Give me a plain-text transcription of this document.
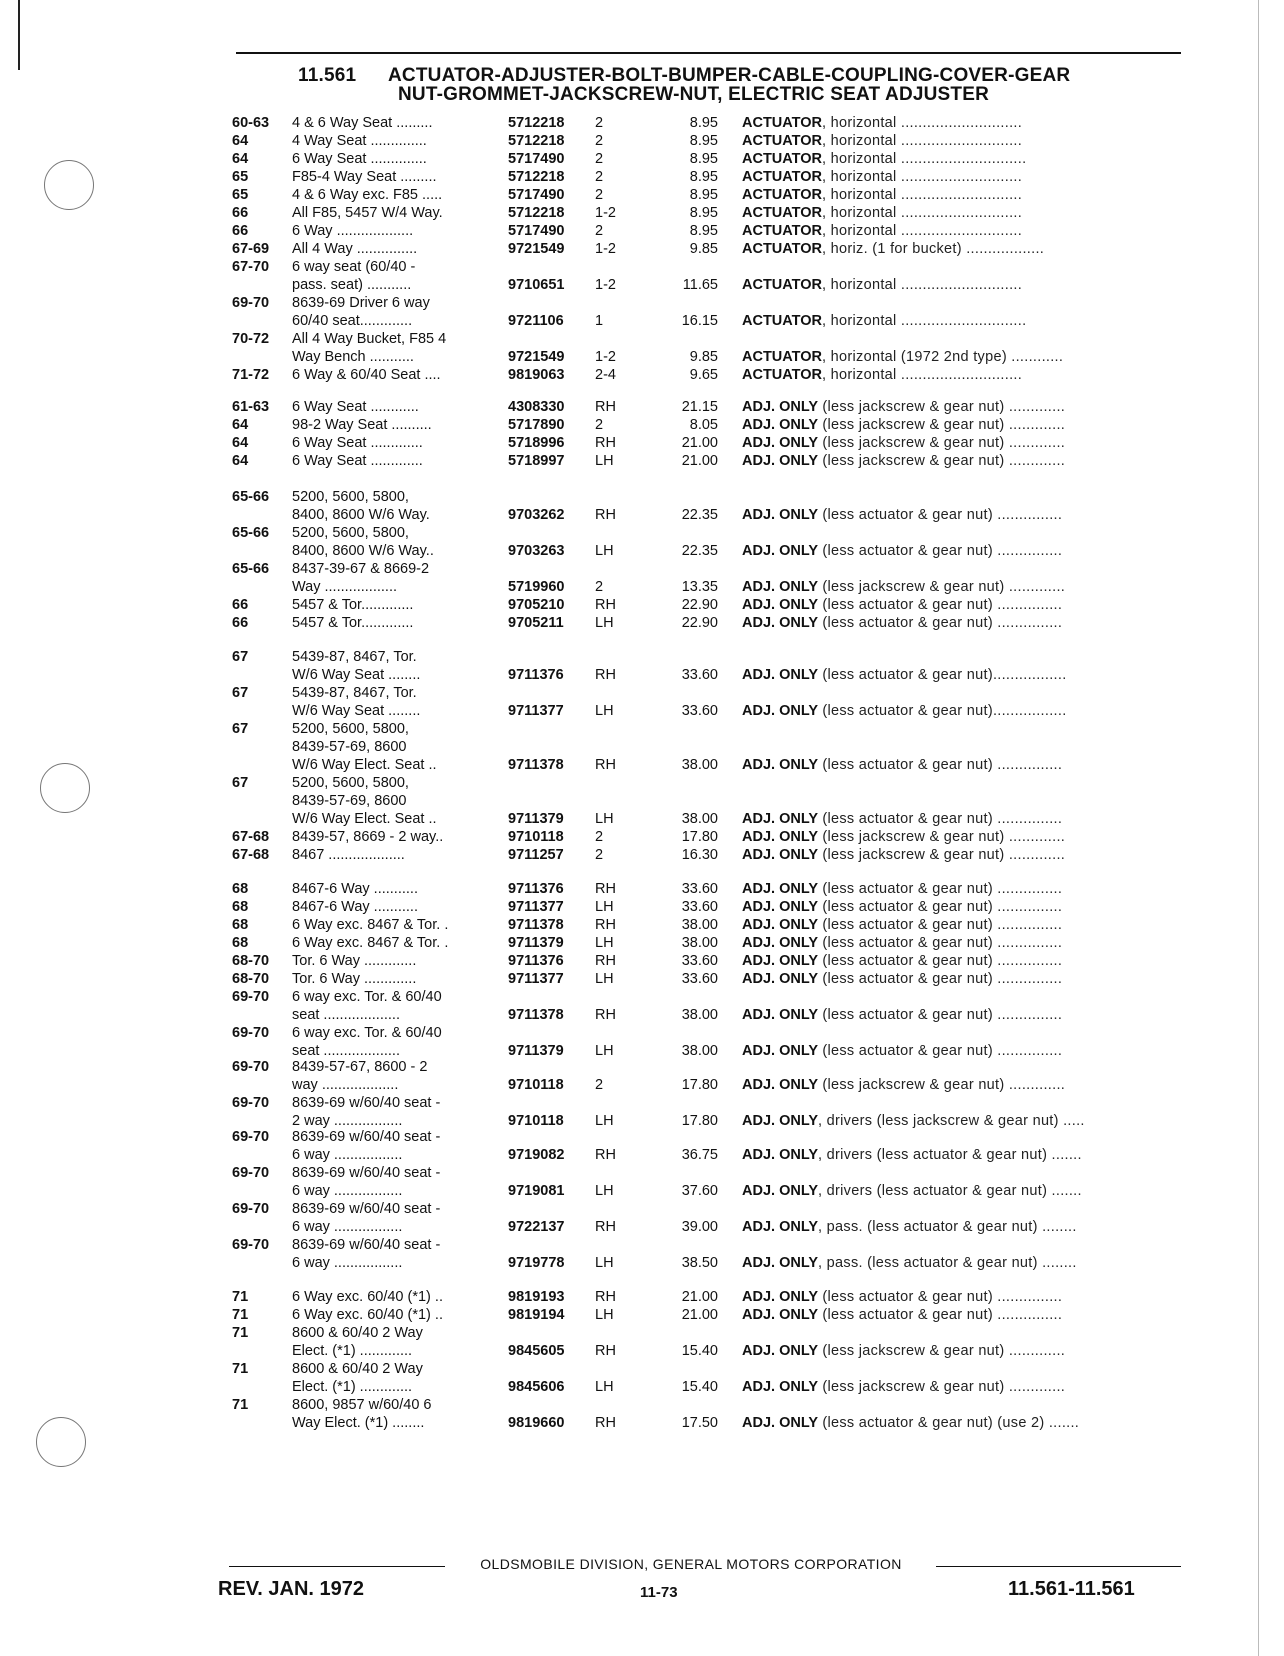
11.561 ACTUATOR-ADJUSTER-BOLT-BUMPER-CABLE-COUPLING-COVER-GEAR
NUT-GROMMET-JACKSCREW-NUT, ELECTRIC SEAT ADJUSTER
60-63 4 & 6 Way Seat .........	5712218 2	8.95 ACTUATOR, horizontal ............................
64	4 Way Seat ..............	5712218 2	8.95 ACTUATOR, horizontal ............................
64	6 Way Seat ..............	5717490 2	8.95 ACTUATOR, horizontal .............................
65	F85-4 Way Seat .........	5712218 2	8.95 ACTUATOR, horizontal ............................
65	4 & 6 Way exc. F85 .....	5717490 2	8.95 ACTUATOR, horizontal ............................
66	All F85, 5457 W/4 Way.	5712218 1-2	8.95 ACTUATOR, horizontal ............................
66	6 Way ...................	5717490 2	8.95 ACTUATOR, horizontal ............................
67-69 All 4 Way ...............	9721549 1-2	9.85 ACTUATOR, horiz. (1 for bucket) ..................
67-70 6 way seat (60/40 -
pass. seat) ...........	9710651 1-2	11.65 ACTUATOR, horizontal ............................
69-70 8639-69 Driver 6 way
60/40 seat.............	9721106 1	16.15 ACTUATOR, horizontal .............................
70-72 All 4 Way Bucket, F85 4
Way Bench ...........	9721549 1-2	9.85 ACTUATOR, horizontal (1972 2nd type) ............
71-72 6 Way & 60/40 Seat ....	9819063 2-4	9.65 ACTUATOR, horizontal ............................
61-63 6 Way Seat ............	4308330 RH	21.15 ADJ. ONLY (less jackscrew & gear nut) .............
64	98-2 Way Seat ..........	5717890 2	8.05 ADJ. ONLY (less jackscrew & gear nut) .............
64	6 Way Seat .............	5718996 RH	21.00 ADJ. ONLY (less jackscrew & gear nut) .............
64	6 Way Seat .............	5718997 LH	21.00 ADJ. ONLY (less jackscrew & gear nut) .............
65-66 5200, 5600, 5800,
8400, 8600 W/6 Way.	9703262 RH	22.35 ADJ. ONLY (less actuator & gear nut) ...............
65-66 5200, 5600, 5800,
8400, 8600 W/6 Way..	9703263 LH	22.35 ADJ. ONLY (less actuator & gear nut) ...............
65-66 8437-39-67 & 8669-2
Way ..................	5719960 2	13.35 ADJ. ONLY (less jackscrew & gear nut) .............
66	5457 & Tor.............	9705210 RH	22.90 ADJ. ONLY (less actuator & gear nut) ...............
66	5457 & Tor.............	9705211 LH	22.90 ADJ. ONLY (less actuator & gear nut) ...............
67	5439-87, 8467, Tor.
W/6 Way Seat ........	9711376 RH	33.60 ADJ. ONLY (less actuator & gear nut).................
67	5439-87, 8467, Tor.
W/6 Way Seat ........	9711377 LH	33.60 ADJ. ONLY (less actuator & gear nut).................
67	5200, 5600, 5800,
8439-57-69, 8600
W/6 Way Elect. Seat ..	9711378 RH	38.00 ADJ. ONLY (less actuator & gear nut) ...............
67	5200, 5600, 5800,
8439-57-69, 8600
W/6 Way Elect. Seat ..	9711379 LH	38.00 ADJ. ONLY (less actuator & gear nut) ...............
67-68 8439-57, 8669 - 2 way..	9710118 2	17.80 ADJ. ONLY (less jackscrew & gear nut) .............
67-68 8467 ...................	9711257 2	16.30 ADJ. ONLY (less jackscrew & gear nut) .............
68	8467-6 Way ...........	9711376 RH	33.60 ADJ. ONLY (less actuator & gear nut) ...............
68	8467-6 Way ...........	9711377 LH	33.60 ADJ. ONLY (less actuator & gear nut) ...............
68	6 Way exc. 8467 & Tor. .	9711378 RH	38.00 ADJ. ONLY (less actuator & gear nut) ...............
68	6 Way exc. 8467 & Tor. .	9711379 LH	38.00 ADJ. ONLY (less actuator & gear nut) ...............
68-70 Tor. 6 Way .............	9711376 RH	33.60 ADJ. ONLY (less actuator & gear nut) ...............
68-70 Tor. 6 Way .............	9711377 LH	33.60 ADJ. ONLY (less actuator & gear nut) ...............
69-70 6 way exc. Tor. & 60/40
seat ...................	9711378 RH	38.00 ADJ. ONLY (less actuator & gear nut) ...............
69-70 6 way exc. Tor. & 60/40
seat ...................	9711379 LH	38.00 ADJ. ONLY (less actuator & gear nut) ...............
69-70 8439-57-67, 8600 - 2
way ...................	9710118 2	17.80 ADJ. ONLY (less jackscrew & gear nut) .............
69-70 8639-69 w/60/40 seat -
2 way .................	9710118 LH	17.80 ADJ. ONLY, drivers (less jackscrew & gear nut) .....
69-70 8639-69 w/60/40 seat -
6 way .................	9719082 RH	36.75 ADJ. ONLY, drivers (less actuator & gear nut) .......
69-70 8639-69 w/60/40 seat -
6 way .................	9719081 LH	37.60 ADJ. ONLY, drivers (less actuator & gear nut) .......
69-70 8639-69 w/60/40 seat -
6 way .................	9722137 RH	39.00 ADJ. ONLY, pass. (less actuator & gear nut) ........
69-70 8639-69 w/60/40 seat -
6 way .................	9719778 LH	38.50 ADJ. ONLY, pass. (less actuator & gear nut) ........
71	6 Way exc. 60/40 (*1) ..	9819193 RH	21.00 ADJ. ONLY (less actuator & gear nut) ...............
71	6 Way exc. 60/40 (*1) ..	9819194 LH	21.00 ADJ. ONLY (less actuator & gear nut) ...............
71	8600 & 60/40 2 Way
Elect. (*1) .............	9845605 RH	15.40 ADJ. ONLY (less jackscrew & gear nut) .............
71	8600 & 60/40 2 Way
Elect. (*1) .............	9845606 LH	15.40 ADJ. ONLY (less jackscrew & gear nut) .............
71	8600, 9857 w/60/40 6
Way Elect. (*1) ........	9819660 RH	17.50 ADJ. ONLY (less actuator & gear nut) (use 2) .......
OLDSMOBILE DIVISION, GENERAL MOTORS CORPORATION
REV. JAN. 1972	11-73	11.561-11.561
